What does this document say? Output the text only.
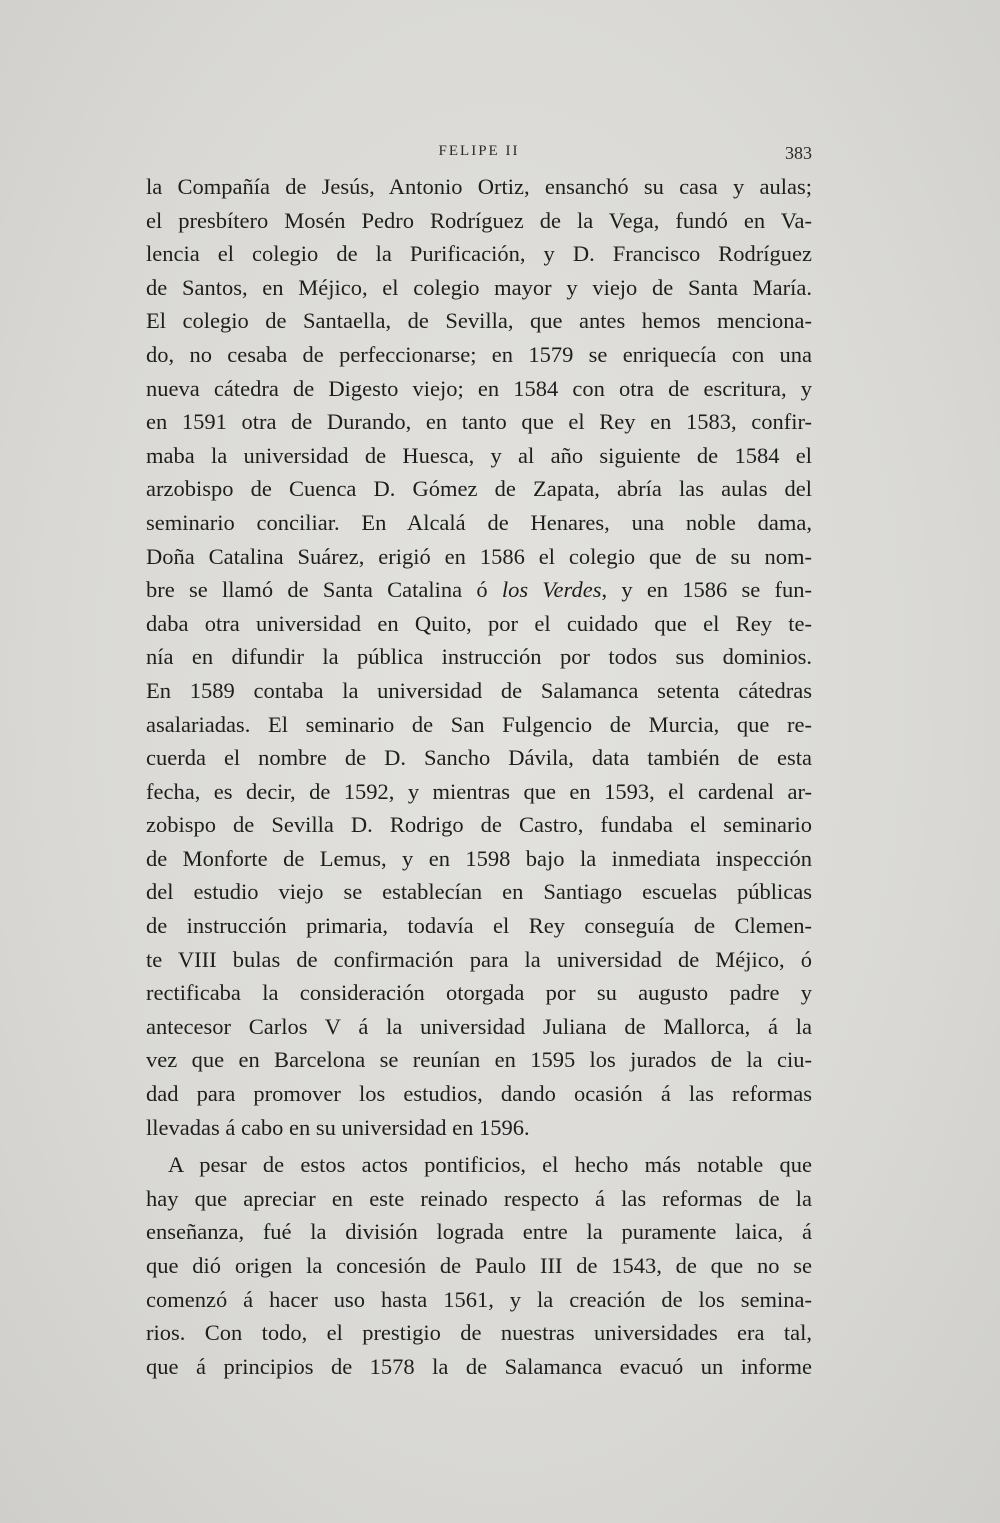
FELIPE II	383
la Compañía de Jesús, Antonio Ortiz, ensanchó su casa y aulas;
el presbítero Mosén Pedro Rodríguez de la Vega, fundó en Va-
lencia el colegio de la Purificación, y D. Francisco Rodríguez
de Santos, en Méjico, el colegio mayor y viejo de Santa María.
El colegio de Santaella, de Sevilla, que antes hemos menciona-
do, no cesaba de perfeccionarse; en 1579 se enriquecía con una
nueva cátedra de Digesto viejo; en 1584 con otra de escritura, y
en 1591 otra de Durando, en tanto que el Rey en 1583, confir-
maba la universidad de Huesca, y al año siguiente de 1584 el
arzobispo de Cuenca D. Gómez de Zapata, abría las aulas del
seminario conciliar. En Alcalá de Henares, una noble dama,
Doña Catalina Suárez, erigió en 1586 el colegio que de su nom-
bre se llamó de Santa Catalina ó los Verdes, y en 1586 se fun-
daba otra universidad en Quito, por el cuidado que el Rey te-
nía en difundir la pública instrucción por todos sus dominios.
En 1589 contaba la universidad de Salamanca setenta cátedras
asalariadas. El seminario de San Fulgencio de Murcia, que re-
cuerda el nombre de D. Sancho Dávila, data también de esta
fecha, es decir, de 1592, y mientras que en 1593, el cardenal ar-
zobispo de Sevilla D. Rodrigo de Castro, fundaba el seminario
de Monforte de Lemus, y en 1598 bajo la inmediata inspección
del estudio viejo se establecían en Santiago escuelas públicas
de instrucción primaria, todavía el Rey conseguía de Clemen-
te VIII bulas de confirmación para la universidad de Méjico, ó
rectificaba la consideración otorgada por su augusto padre y
antecesor Carlos V á la universidad Juliana de Mallorca, á la
vez que en Barcelona se reunían en 1595 los jurados de la ciu-
dad para promover los estudios, dando ocasión á las reformas
llevadas á cabo en su universidad en 1596.
A pesar de estos actos pontificios, el hecho más notable que
hay que apreciar en este reinado respecto á las reformas de la
enseñanza, fué la división lograda entre la puramente laica, á
que dió origen la concesión de Paulo III de 1543, de que no se
comenzó á hacer uso hasta 1561, y la creación de los semina-
rios. Con todo, el prestigio de nuestras universidades era tal,
que á principios de 1578 la de Salamanca evacuó un informe
